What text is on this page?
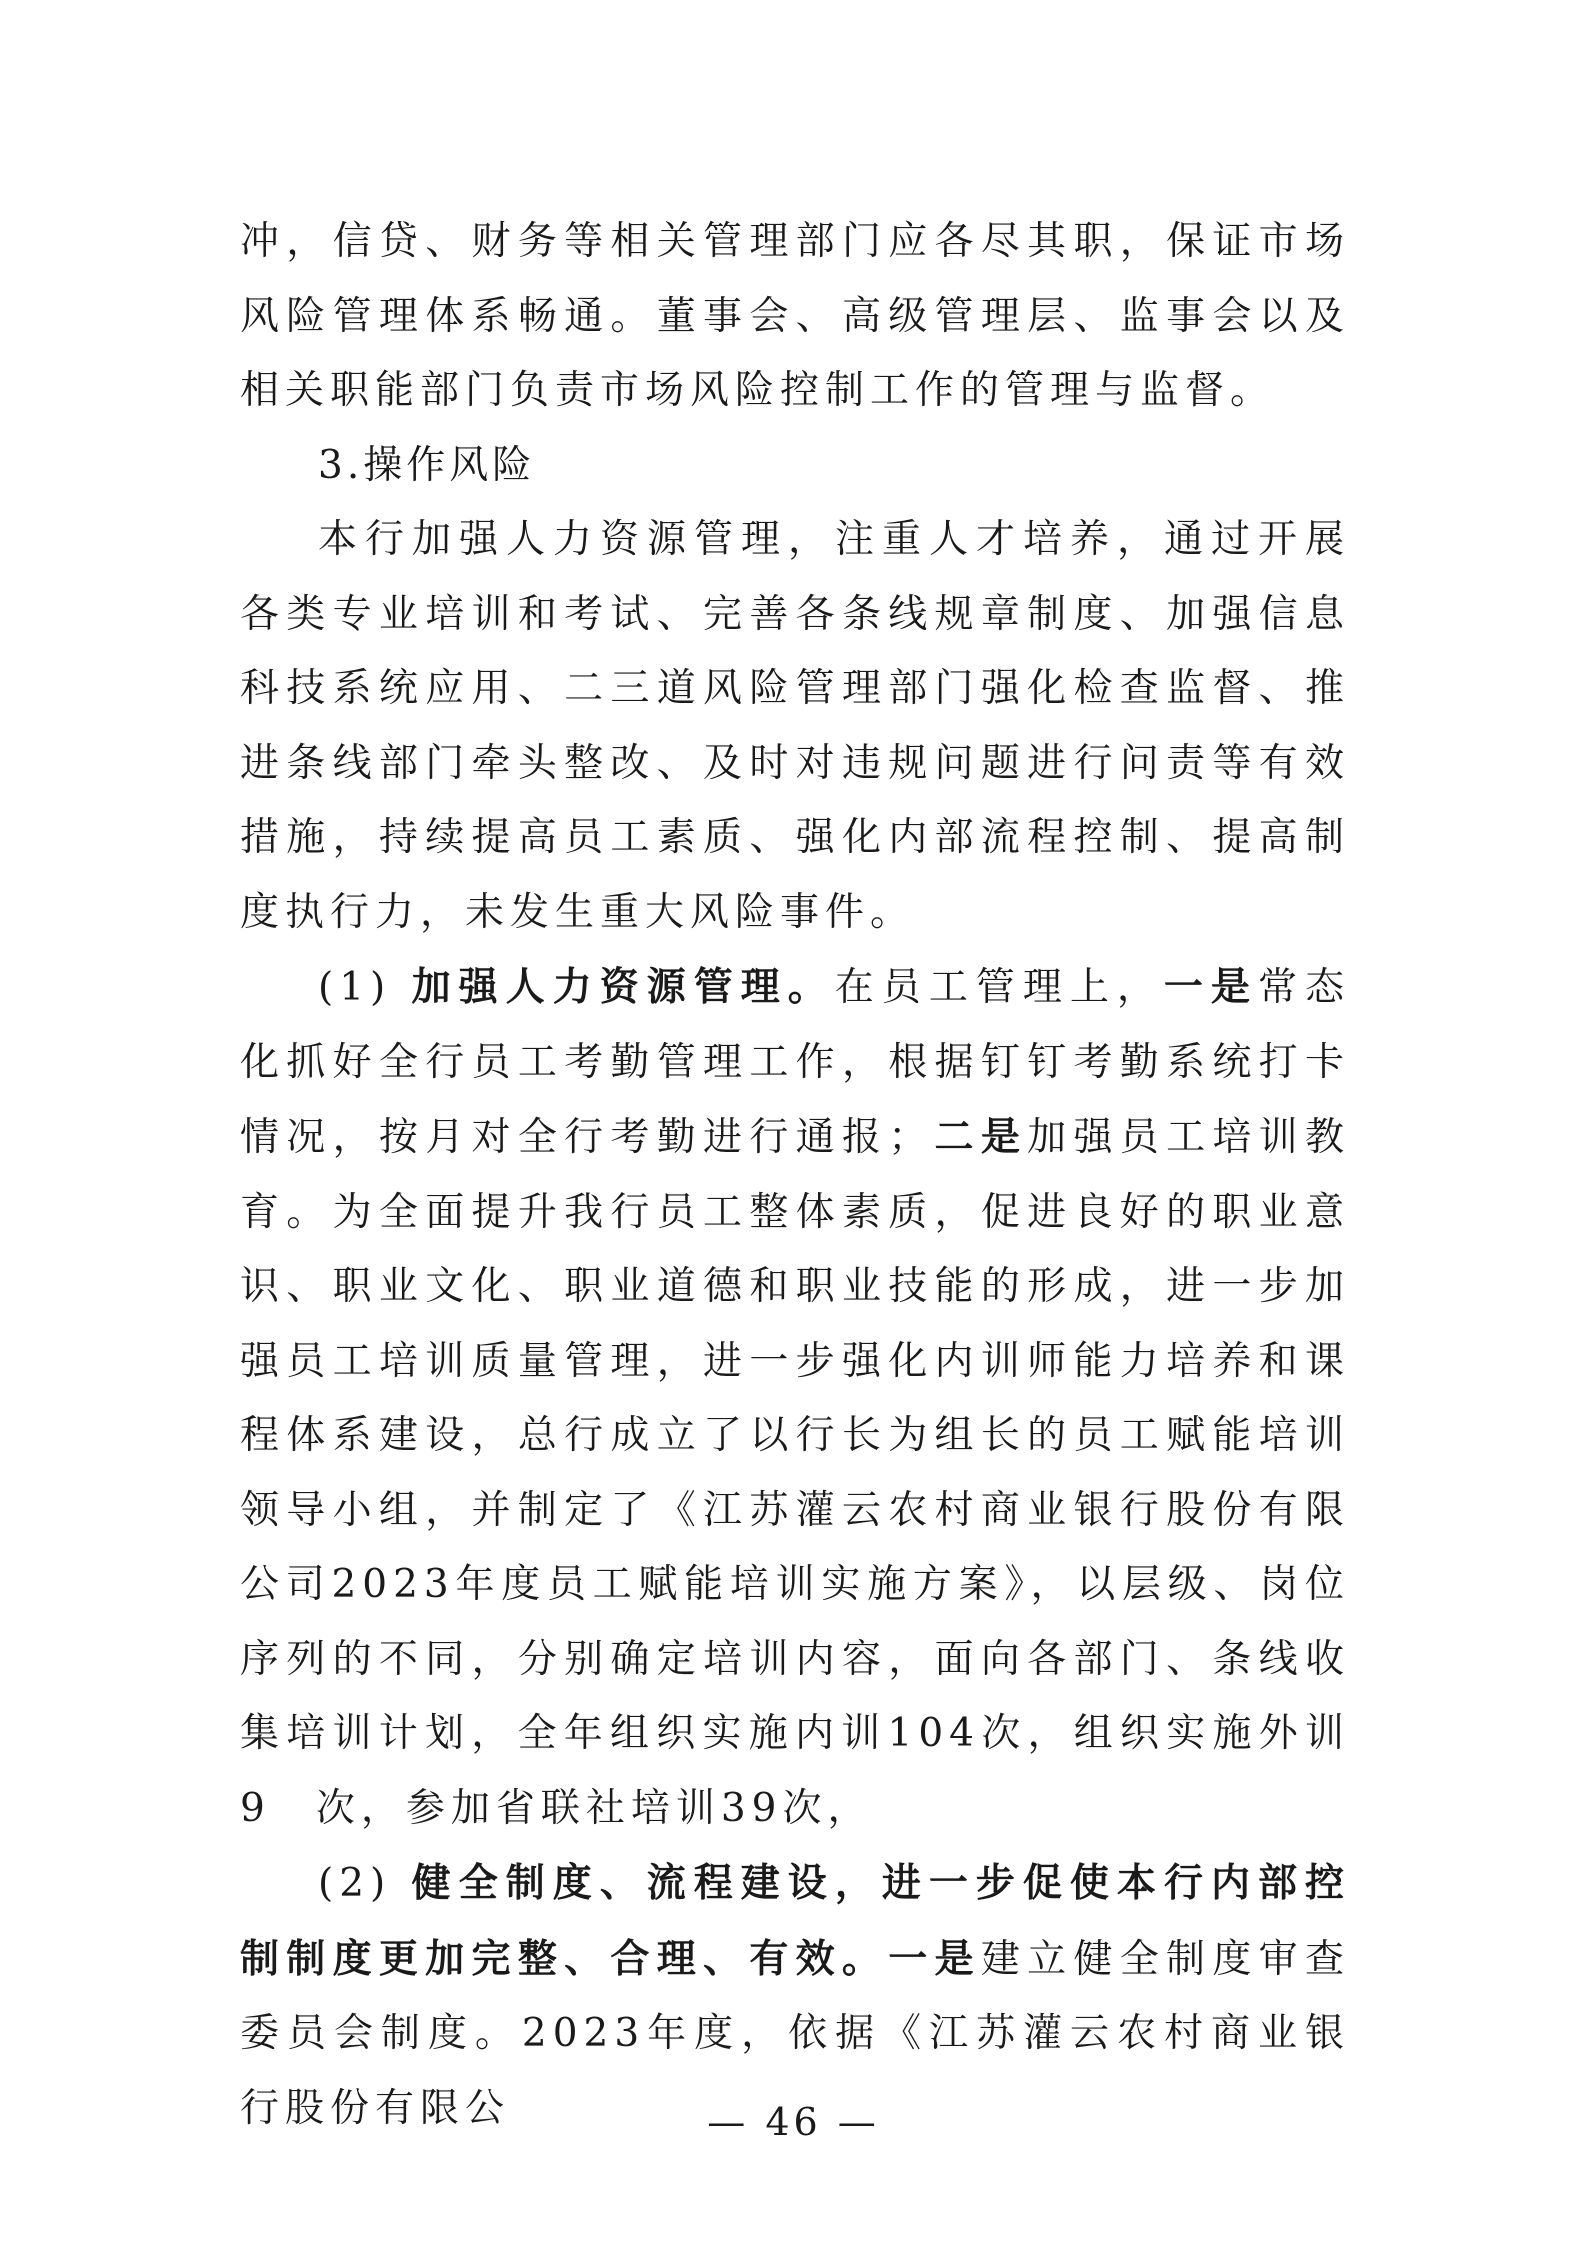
冲，信贷、财务等相关管理部门应各尽其职，保证市场风险管理体系畅通。董事会、高级管理层、监事会以及相关职能部门负责市场风险控制工作的管理与监督。

3.操作风险

本行加强人力资源管理，注重人才培养，通过开展各类专业培训和考试、完善各条线规章制度、加强信息科技系统应用、二三道风险管理部门强化检查监督、推进条线部门牵头整改、及时对违规问题进行问责等有效措施，持续提高员工素质、强化内部流程控制、提高制度执行力，未发生重大风险事件。

(1) 加强人力资源管理。在员工管理上，一是常态化抓好全行员工考勤管理工作，根据钉钉考勤系统打卡情况，按月对全行考勤进行通报；二是加强员工培训教育。为全面提升我行员工整体素质，促进良好的职业意识、职业文化、职业道德和职业技能的形成，进一步加强员工培训质量管理，进一步强化内训师能力培养和课程体系建设，总行成立了以行长为组长的员工赋能培训领导小组，并制定了《江苏灌云农村商业银行股份有限公司2023年度员工赋能培训实施方案》，以层级、岗位序列的不同，分别确定培训内容，面向各部门、条线收集培训计划，全年组织实施内训104次，组织实施外训9　次，参加省联社培训39次，

(2) 健全制度、流程建设，进一步促使本行内部控制制度更加完整、合理、有效。一是建立健全制度审查委员会制度。2023年度，依据《江苏灌云农村商业银行股份有限公	— 46 —
